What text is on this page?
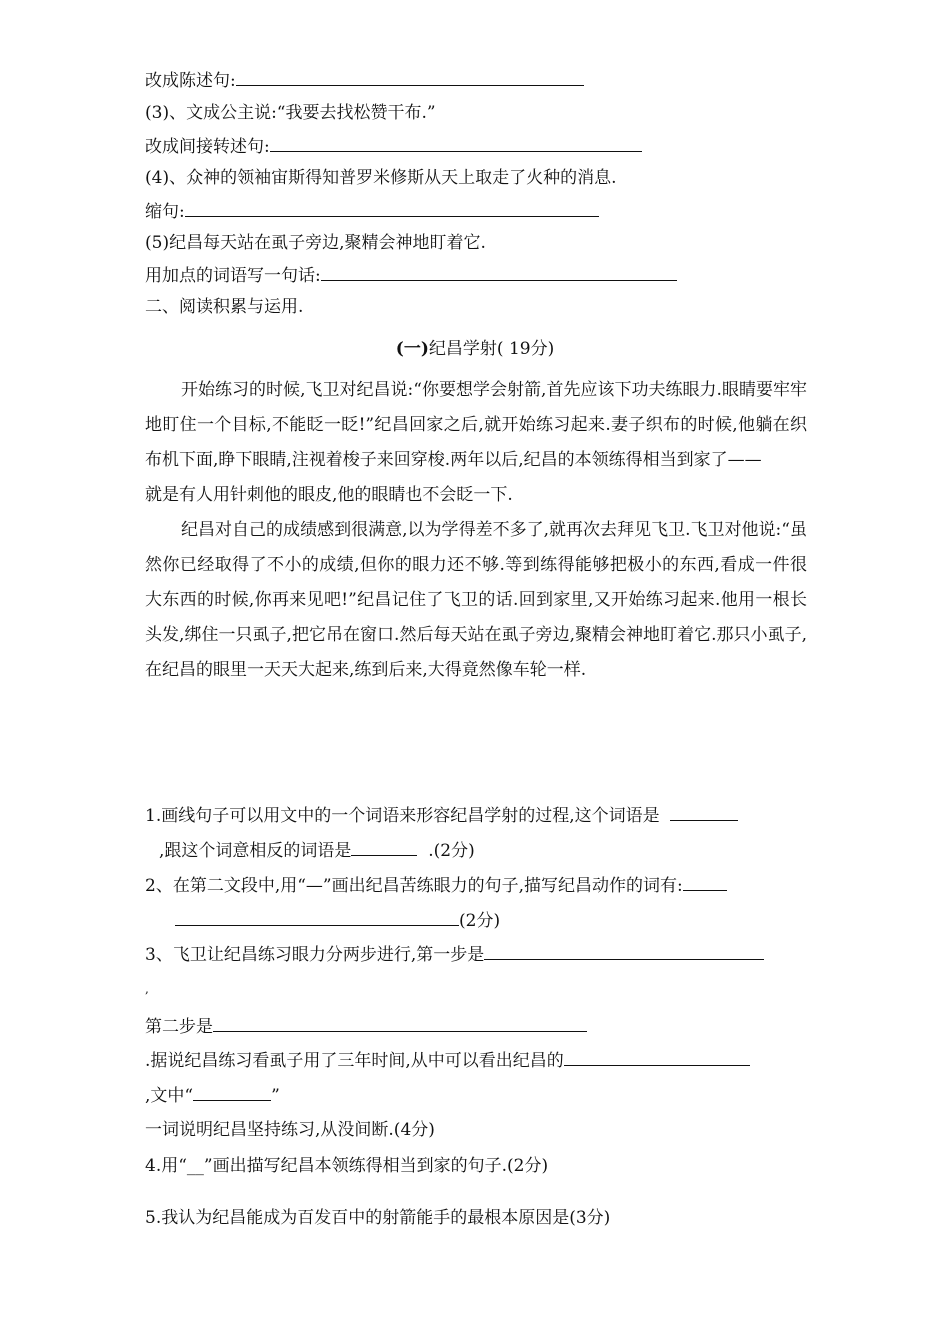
改成陈述句:
(3)、文成公主说:“我要去找松赞干布.”
改成间接转述句:
(4)、众神的领袖宙斯得知普罗米修斯从天上取走了火种的消息.
缩句:
(5)纪昌每天站在虱子旁边,聚精会神地盯着它.
用加点的词语写一句话:
二、阅读积累与运用.
(一)纪昌学射( 19分)

开始练习的时候,飞卫对纪昌说:“你要想学会射箭,首先应该下功夫练眼力.眼睛要牢牢地盯住一个目标,不能眨一眨!”纪昌回家之后,就开始练习起来.妻子织布的时候,他躺在织布机下面,睁下眼睛,注视着梭子来回穿梭.两年以后,纪昌的本领练得相当到家了——

就是有人用针刺他的眼皮,他的眼睛也不会眨一下.

纪昌对自己的成绩感到很满意,以为学得差不多了,就再次去拜见飞卫.飞卫对他说:“虽然你已经取得了不小的成绩,但你的眼力还不够.等到练得能够把极小的东西,看成一件很大东西的时候,你再来见吧!”纪昌记住了飞卫的话.回到家里,又开始练习起来.他用一根长头发,绑住一只虱子,把它吊在窗口.然后每天站在虱子旁边,聚精会神地盯着它.那只小虱子,在纪昌的眼里一天天大起来,练到后来,大得竟然像车轮一样.

1.画线句子可以用文中的一个词语来形容纪昌学射的过程,这个词语是
,跟这个词意相反的词语是	.(2分)
2、在第二文段中,用“—”画出纪昌苦练眼力的句子,描写纪昌动作的词有:
(2分)
3、飞卫让纪昌练习眼力分两步进行,第一步是
,
第二步是
.据说纪昌练习看虱子用了三年时间,从中可以看出纪昌的
,文中“	”
一词说明纪昌坚持练习,从没间断.(4分)
4.用“__”画出描写纪昌本领练得相当到家的句子.(2分)
5.我认为纪昌能成为百发百中的射箭能手的最根本原因是(3分)
